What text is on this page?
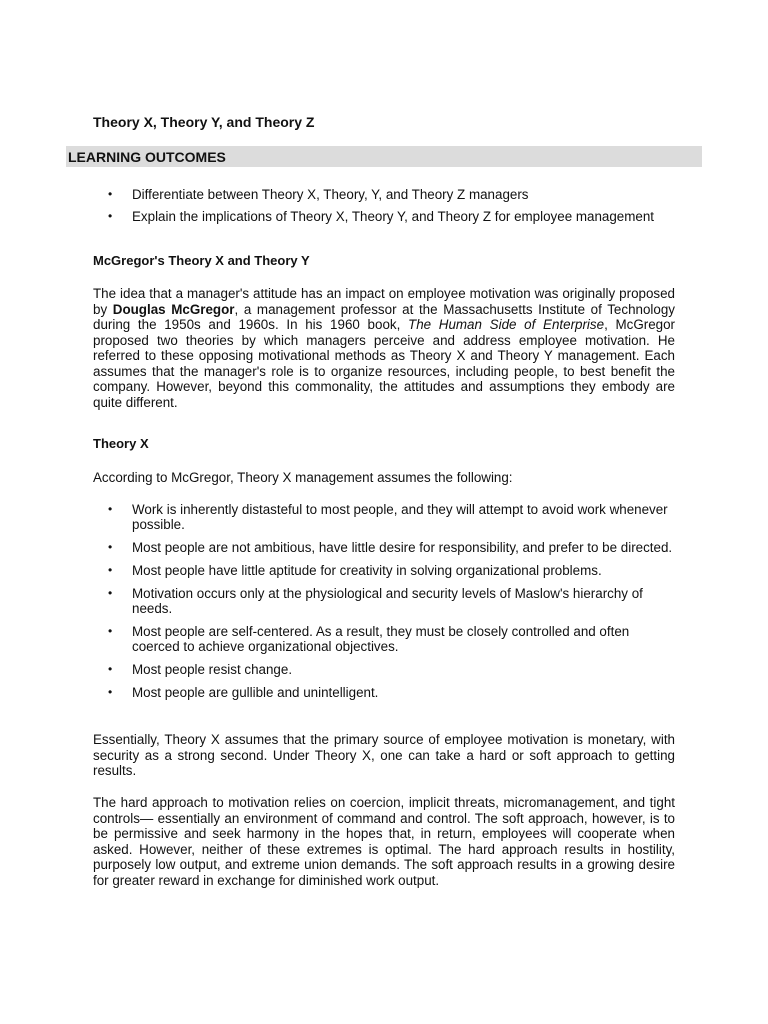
Theory X, Theory Y, and Theory Z
LEARNING OUTCOMES
• Differentiate between Theory X, Theory, Y, and Theory Z managers
• Explain the implications of Theory X, Theory Y, and Theory Z for employee management
McGregor's Theory X and Theory Y

The idea that a manager's attitude has an impact on employee motivation was originally proposed by Douglas McGregor, a management professor at the Massachusetts Institute of Technology during the 1950s and 1960s. In his 1960 book, The Human Side of Enterprise, McGregor proposed two theories by which managers perceive and address employee motivation. He referred to these opposing motivational methods as Theory X and Theory Y management. Each assumes that the manager's role is to organize resources, including people, to best benefit the company. However, beyond this commonality, the attitudes and assumptions they embody are quite different.

Theory X

According to McGregor, Theory X management assumes the following:

• Work is inherently distasteful to most people, and they will attempt to avoid work whenever possible.
• Most people are not ambitious, have little desire for responsibility, and prefer to be directed.
• Most people have little aptitude for creativity in solving organizational problems.
• Motivation occurs only at the physiological and security levels of Maslow's hierarchy of needs.
• Most people are self-centered. As a result, they must be closely controlled and often coerced to achieve organizational objectives.
• Most people resist change.
• Most people are gullible and unintelligent.

Essentially, Theory X assumes that the primary source of employee motivation is monetary, with security as a strong second. Under Theory X, one can take a hard or soft approach to getting results.

The hard approach to motivation relies on coercion, implicit threats, micromanagement, and tight controls— essentially an environment of command and control. The soft approach, however, is to be permissive and seek harmony in the hopes that, in return, employees will cooperate when asked. However, neither of these extremes is optimal. The hard approach results in hostility, purposely low output, and extreme union demands. The soft approach results in a growing desire for greater reward in exchange for diminished work output.
